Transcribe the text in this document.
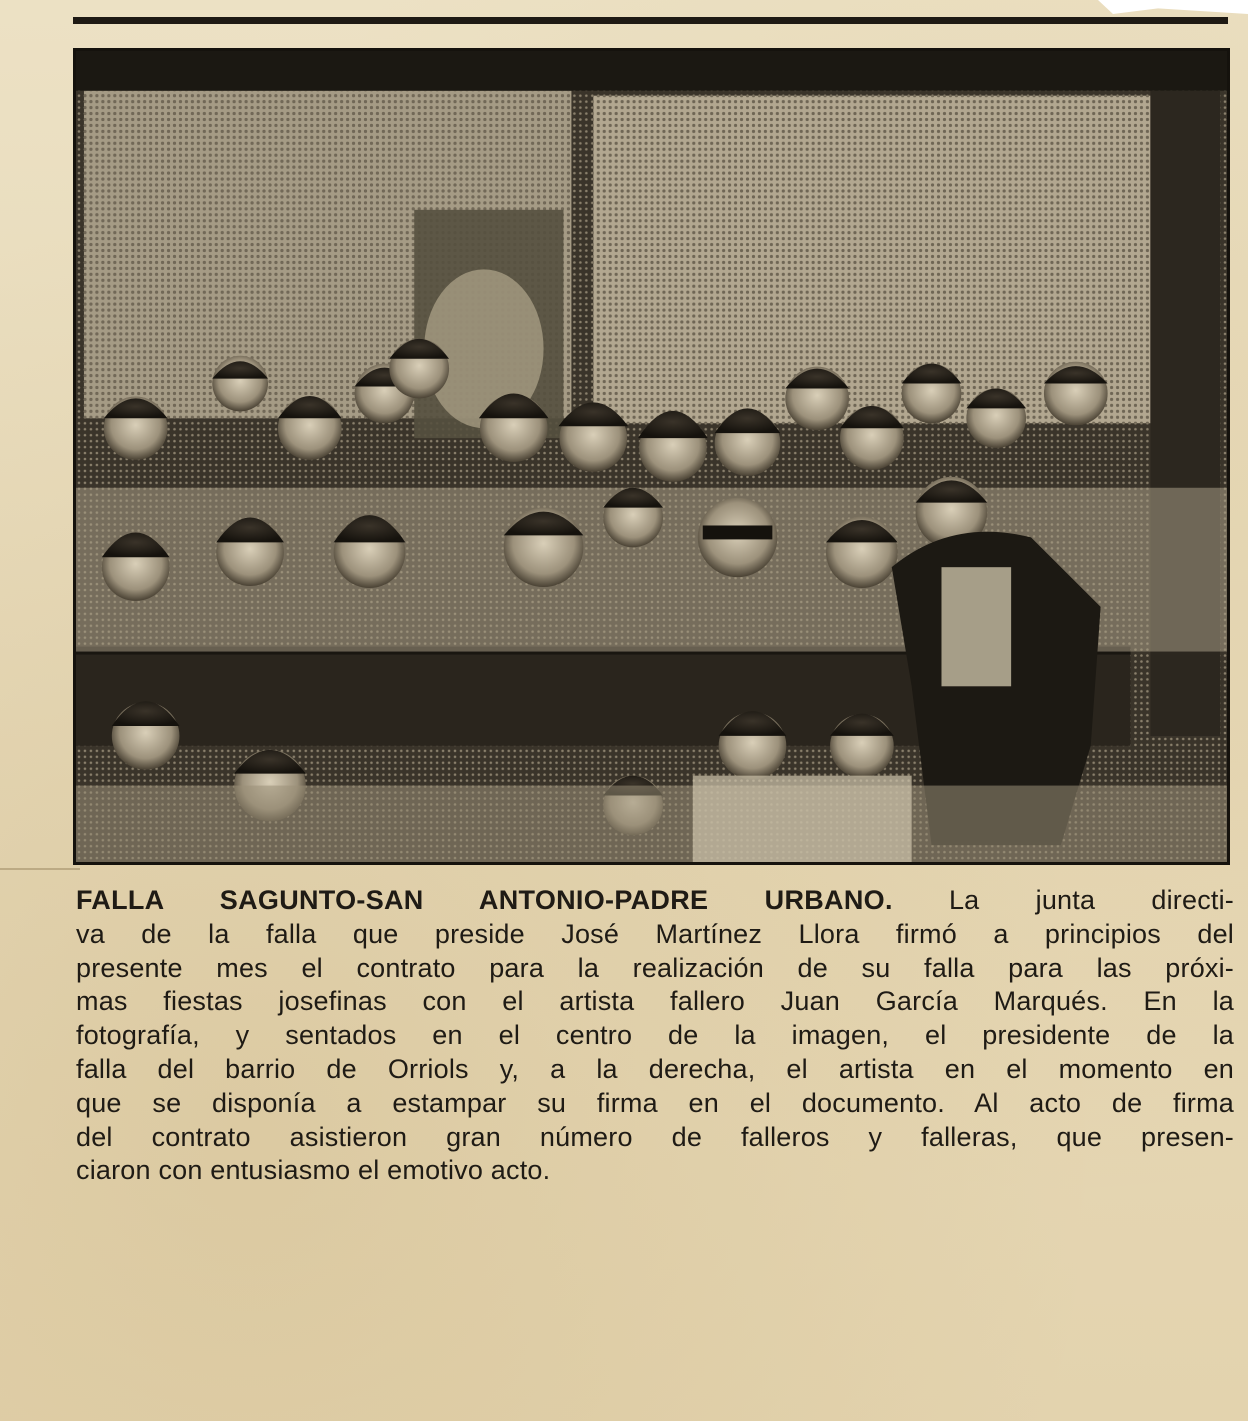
FALLA SAGUNTO-SAN ANTONIO-PADRE URBANO. La junta directi-
va de la falla que preside José Martínez Llora firmó a principios del
presente mes el contrato para la realización de su falla para las próxi-
mas fiestas josefinas con el artista fallero Juan García Marqués. En la
fotografía, y sentados en el centro de la imagen, el presidente de la
falla del barrio de Orriols y, a la derecha, el artista en el momento en
que se disponía a estampar su firma en el documento. Al acto de firma
del contrato asistieron gran número de falleros y falleras, que presen-
ciaron con entusiasmo el emotivo acto.
